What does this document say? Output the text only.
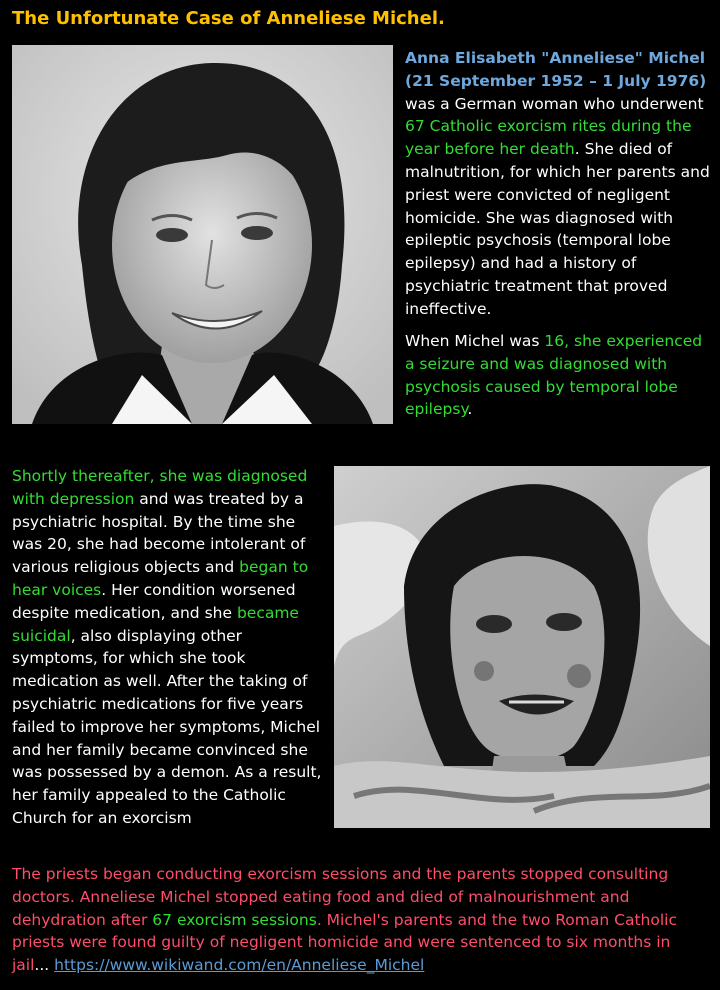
The Unfortunate Case of Anneliese Michel.
Anna Elisabeth "Anneliese" Michel (21 September 1952 – 1 July 1976)
was a German woman who underwent 67 Catholic exorcism rites during the year before her death. She died of malnutrition, for which her parents and priest were convicted of negligent homicide. She was diagnosed with epileptic psychosis (temporal lobe epilepsy) and had a history of psychiatric treatment that proved ineffective.
When Michel was 16, she experienced a seizure and was diagnosed with psychosis caused by temporal lobe epilepsy.
Shortly thereafter, she was diagnosed with depression and was treated by a psychiatric hospital. By the time she was 20, she had become intolerant of various religious objects and began to hear voices. Her condition worsened despite medication, and she became suicidal, also displaying other symptoms, for which she took medication as well. After the taking of psychiatric medications for five years failed to improve her symptoms, Michel and her family became convinced she was possessed by a demon. As a result, her family appealed to the Catholic Church for an exorcism
The priests began conducting exorcism sessions and the parents stopped consulting doctors. Anneliese Michel stopped eating food and died of malnourishment and dehydration after 67 exorcism sessions. Michel's parents and the two Roman Catholic priests were found guilty of negligent homicide and were sentenced to six months in jail... https://www.wikiwand.com/en/Anneliese_Michel
